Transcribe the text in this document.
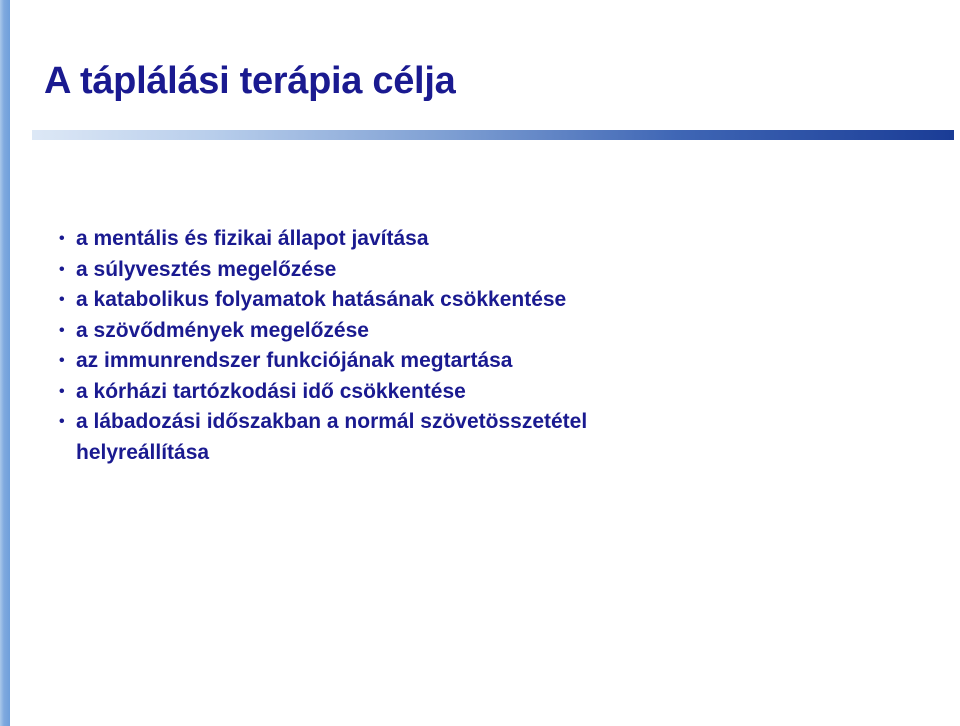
A táplálási terápia célja
• a mentális és fizikai állapot javítása
• a súlyvesztés megelőzése
• a katabolikus folyamatok hatásának csökkentése
• a szövődmények megelőzése
• az immunrendszer funkciójának megtartása
• a kórházi tartózkodási idő csökkentése
• a lábadozási időszakban a normál szövetösszetétel helyreállítása
